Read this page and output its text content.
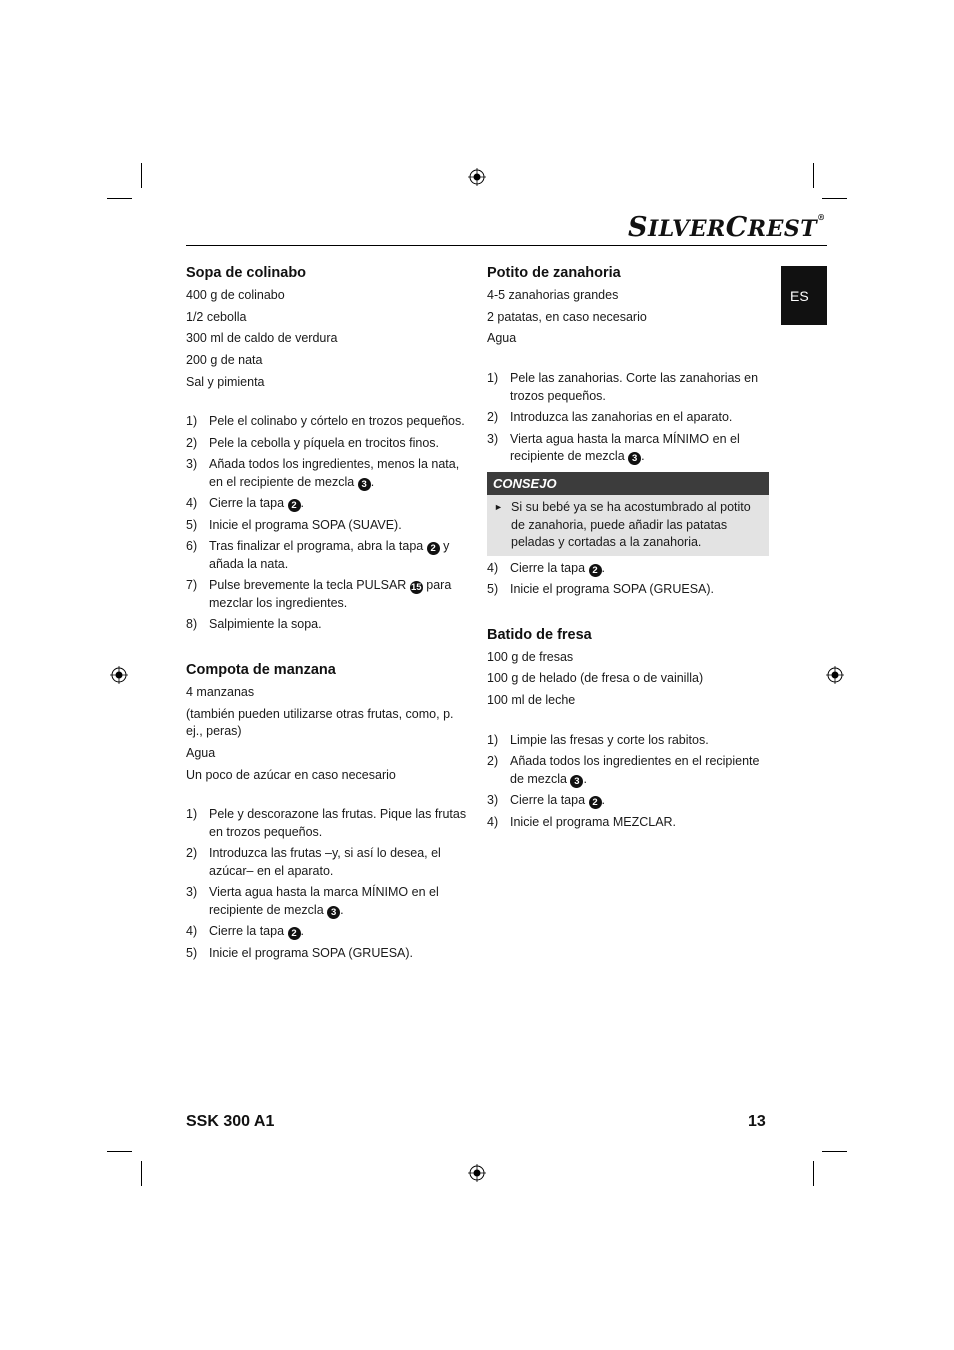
SILVERCREST®
ES
Sopa de colinabo
400 g de colinabo
1/2 cebolla
300 ml de caldo de verdura
200 g de nata
Sal y pimienta
1) Pele el colinabo y córtelo en trozos pequeños.
2) Pele la cebolla y píquela en trocitos finos.
3) Añada todos los ingredientes, menos la nata, en el recipiente de mezcla 3 .
4) Cierre la tapa 2 .
5) Inicie el programa SOPA (SUAVE).
6) Tras finalizar el programa, abra la tapa 2 y añada la nata.
7) Pulse brevemente la tecla PULSAR 15 para mezclar los ingredientes.
8) Salpimiente la sopa.
Compota de manzana
4 manzanas
(también pueden utilizarse otras frutas, como, p. ej., peras)
Agua
Un poco de azúcar en caso necesario
1) Pele y descorazone las frutas. Pique las frutas en trozos pequeños.
2) Introduzca las frutas –y, si así lo desea, el azúcar– en el aparato.
3) Vierta agua hasta la marca MÍNIMO en el recipiente de mezcla 3 .
4) Cierre la tapa 2 .
5) Inicie el programa SOPA (GRUESA).
Potito de zanahoria
4-5 zanahorias grandes
2 patatas, en caso necesario
Agua
1) Pele las zanahorias. Corte las zanahorias en trozos pequeños.
2) Introduzca las zanahorias en el aparato.
3) Vierta agua hasta la marca MÍNIMO en el recipiente de mezcla 3 .
CONSEJO
► Si su bebé ya se ha acostumbrado al potito de zanahoria, puede añadir las patatas peladas y cortadas a la zanahoria.
4) Cierre la tapa 2 .
5) Inicie el programa SOPA (GRUESA).
Batido de fresa
100 g de fresas
100 g de helado (de fresa o de vainilla)
100 ml de leche
1) Limpie las fresas y corte los rabitos.
2) Añada todos los ingredientes en el recipiente de mezcla 3 .
3) Cierre la tapa 2 .
4) Inicie el programa MEZCLAR.
SSK 300 A1	13
